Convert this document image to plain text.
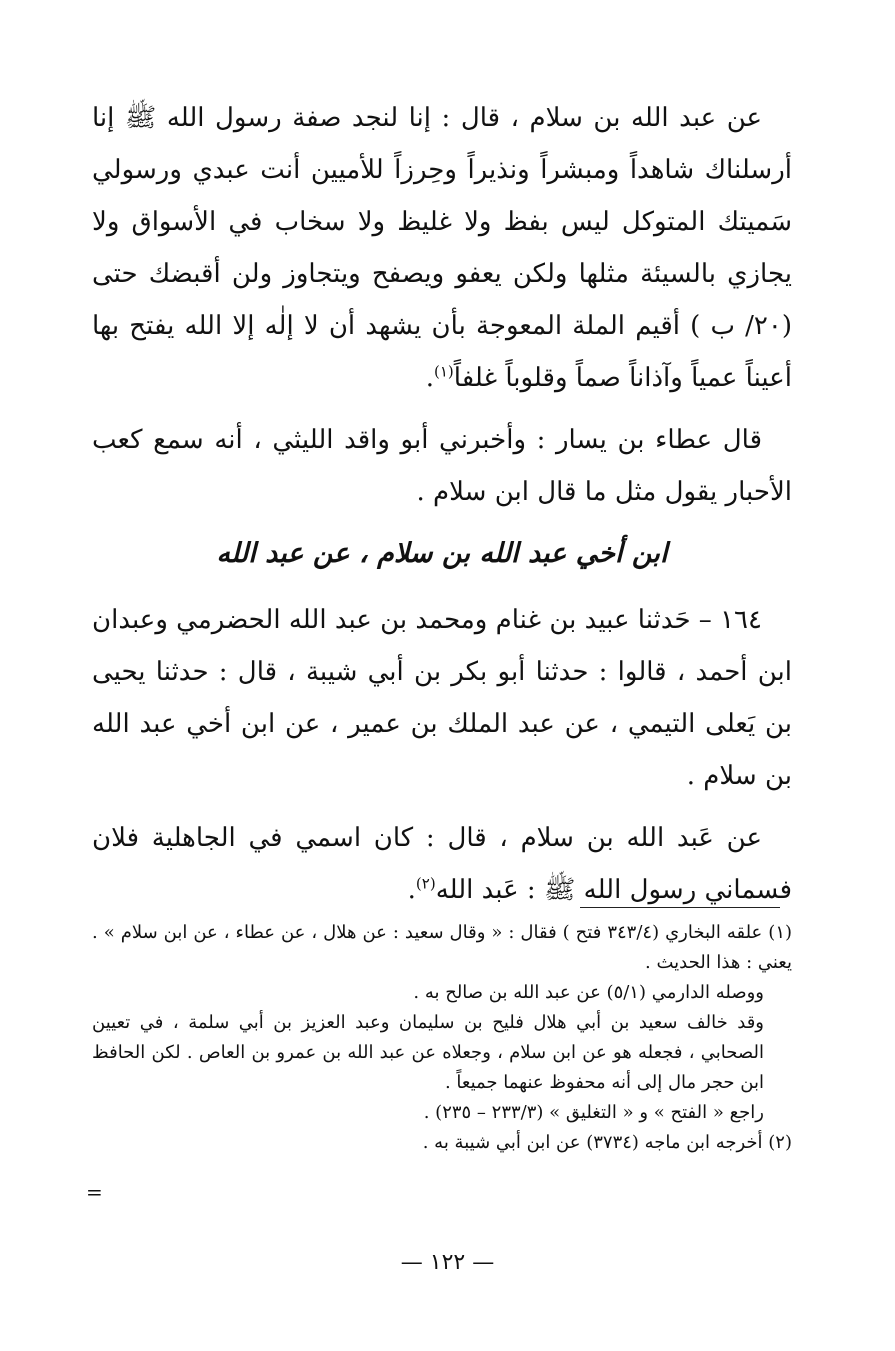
عن عبد الله بن سلام ، قال : إنا لنجد صفة رسول الله ﷺ إنا أرسلناك شاهداً ومبشراً ونذيراً وحِرزاً للأميين أنت عبدي ورسولي سَميتك المتوكل ليس بفظ ولا غليظ ولا سخاب في الأسواق ولا يجازي بالسيئة مثلها ولكن يعفو ويصفح ويتجاوز ولن أقبضك حتى (٢٠/ ب ) أقيم الملة المعوجة بأن يشهد أن لا إلٰه إلا الله يفتح بها أعيناً عمياً وآذاناً صماً وقلوباً غلفاً$^{(١)}$.

قال عطاء بن يسار : وأخبرني أبو واقد الليثي ، أنه سمع كعب الأحبار يقول مثل ما قال ابن سلام .

ابن أخي عبد الله بن سلام ، عن عبد الله

١٦٤ – حَدثنا عبيد بن غنام ومحمد بن عبد الله الحضرمي وعبدان ابن أحمد ، قالوا : حدثنا أبو بكر بن أبي شيبة ، قال : حدثنا يحيى بن يَعلى التيمي ، عن عبد الملك بن عمير ، عن ابن أخي عبد الله بن سلام .

عن عَبد الله بن سلام ، قال : كان اسمي في الجاهلية فلان فسماني رسول الله ﷺ : عَبد الله$^{(٢)}$.

(١) علقه البخاري (٣٤٣/٤ فتح ) فقال : « وقال سعيد : عن هلال ، عن عطاء ، عن ابن سلام » . يعني : هذا الحديث .

ووصله الدارمي (٥/١) عن عبد الله بن صالح به .

وقد خالف سعيد بن أبي هلال فليح بن سليمان وعبد العزيز بن أبي سلمة ، في تعيين الصحابي ، فجعله هو عن ابن سلام ، وجعلاه عن عبد الله بن عمرو بن العاص . لكن الحافظ ابن حجر مال إلى أنه محفوظ عنهما جميعاً .

راجع « الفتح » و « التغليق » (٢٣٣/٣ – ٢٣٥) .

(٢) أخرجه ابن ماجه (٣٧٣٤) عن ابن أبي شيبة به .

=
— ١٢٢ —
